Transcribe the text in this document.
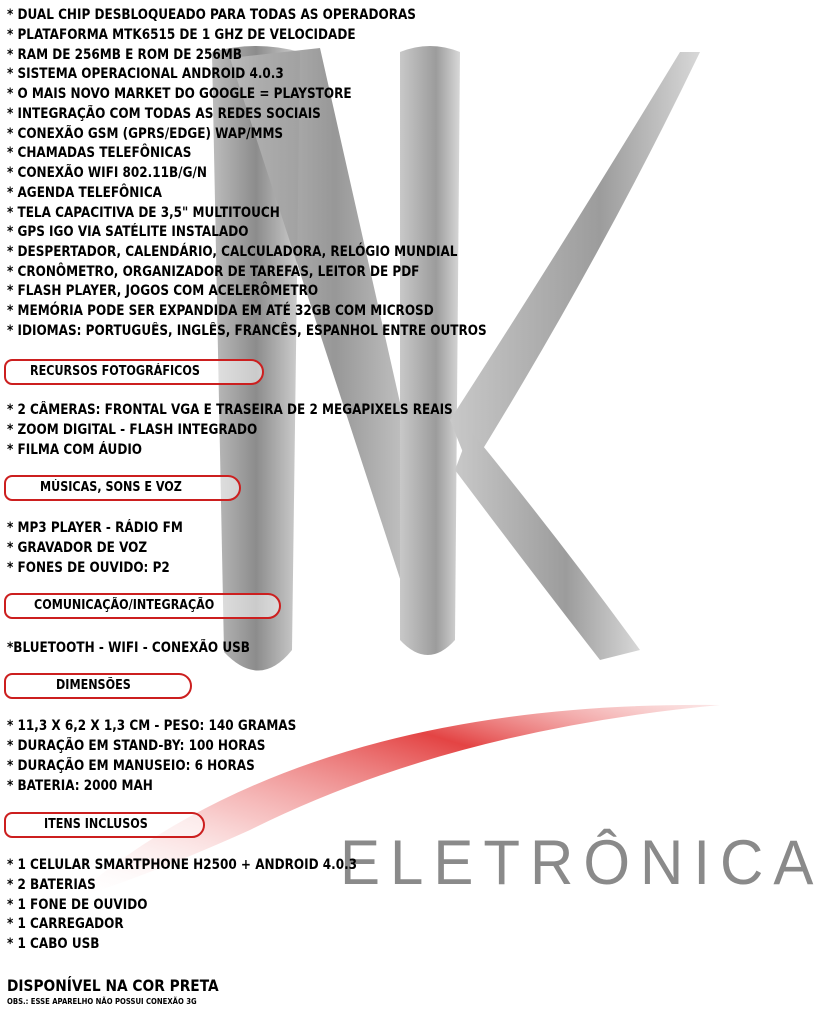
ELETRÔNICA
* DUAL CHIP DESBLOQUEADO PARA TODAS AS OPERADORAS
* PLATAFORMA MTK6515 DE 1 GHZ DE VELOCIDADE
* RAM DE 256MB E ROM DE 256MB
* SISTEMA OPERACIONAL ANDROID 4.0.3
* O MAIS NOVO MARKET DO GOOGLE = PLAYSTORE
* INTEGRAÇÃO COM TODAS AS REDES SOCIAIS
* CONEXÃO GSM (GPRS/EDGE) WAP/MMS
* CHAMADAS TELEFÔNICAS
* CONEXÃO WIFI 802.11B/G/N
* AGENDA TELEFÔNICA
* TELA CAPACITIVA DE 3,5" MULTITOUCH
* GPS IGO VIA SATÉLITE INSTALADO
* DESPERTADOR, CALENDÁRIO, CALCULADORA, RELÓGIO MUNDIAL
* CRONÔMETRO, ORGANIZADOR DE TAREFAS, LEITOR DE PDF
* FLASH PLAYER, JOGOS COM ACELERÔMETRO
* MEMÓRIA PODE SER EXPANDIDA EM ATÉ 32GB COM MICROSD
* IDIOMAS: PORTUGUÊS, INGLÊS, FRANCÊS, ESPANHOL ENTRE OUTROS
RECURSOS FOTOGRÁFICOS
* 2 CÂMERAS: FRONTAL VGA E TRASEIRA DE 2 MEGAPIXELS REAIS
* ZOOM DIGITAL - FLASH INTEGRADO
* FILMA COM ÁUDIO
MÚSICAS, SONS E VOZ
* MP3 PLAYER - RÁDIO FM
* GRAVADOR DE VOZ
* FONES DE OUVIDO: P2
COMUNICAÇÃO/INTEGRAÇÃO
*BLUETOOTH - WIFI - CONEXÃO USB
DIMENSÕES
* 11,3 X 6,2 X 1,3 CM - PESO: 140 GRAMAS
* DURAÇÃO EM STAND-BY: 100 HORAS
* DURAÇÃO EM MANUSEIO: 6 HORAS
* BATERIA: 2000 MAH
ITENS INCLUSOS
* 1 CELULAR SMARTPHONE H2500 + ANDROID 4.0.3
* 2 BATERIAS
* 1 FONE DE OUVIDO
* 1 CARREGADOR
* 1 CABO USB
DISPONÍVEL NA COR PRETA
OBS.: ESSE APARELHO NÃO POSSUI CONEXÃO 3G
